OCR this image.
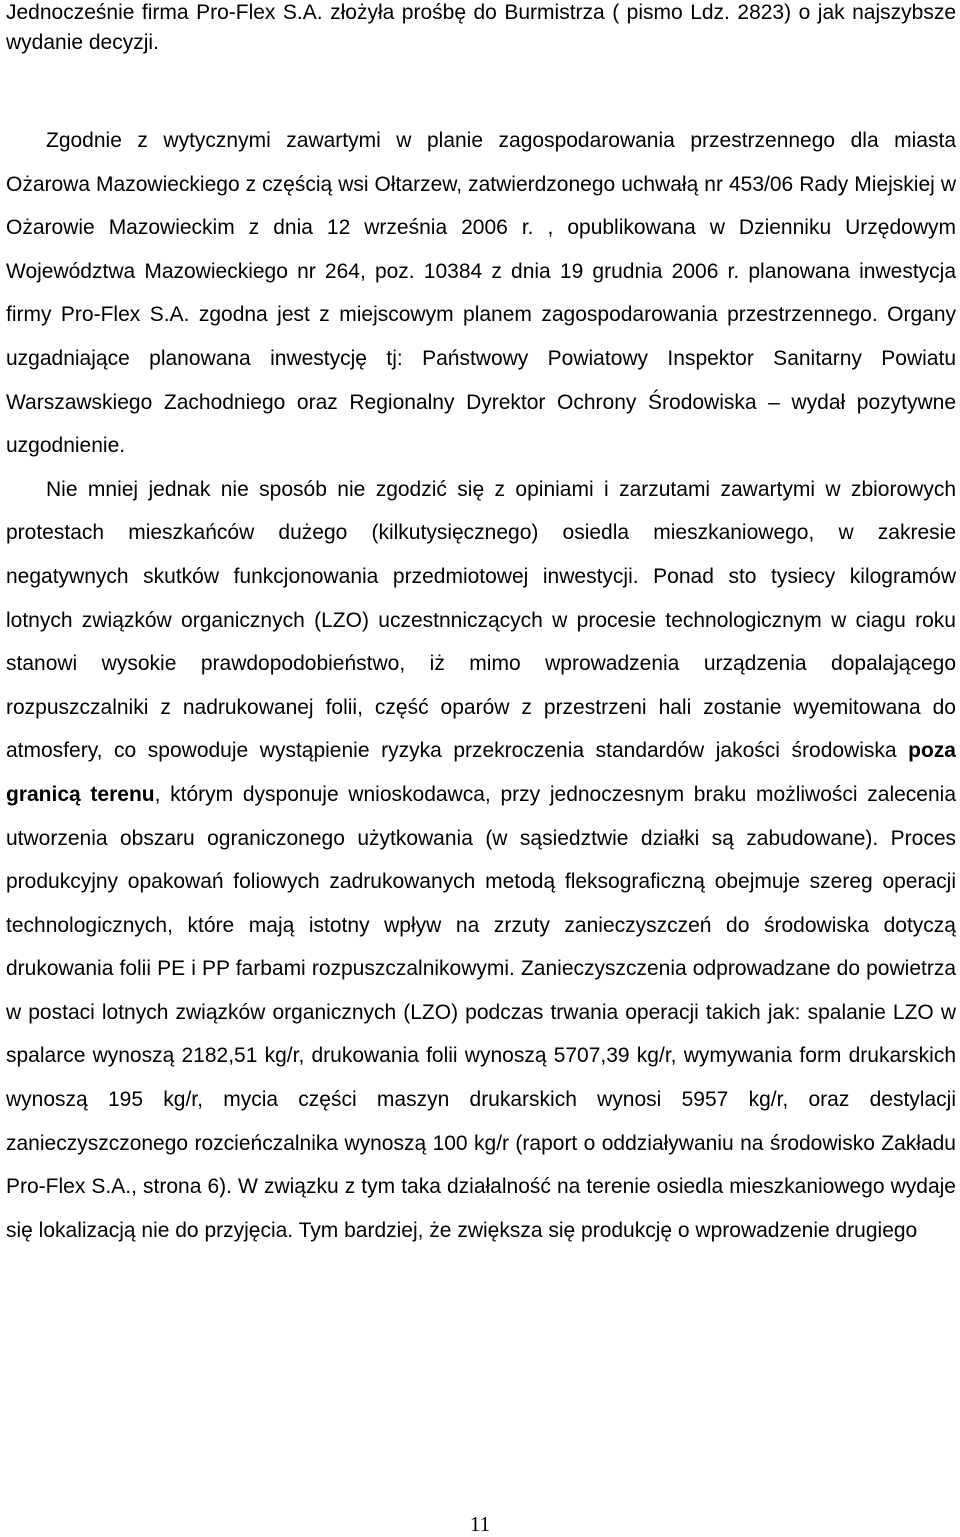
Jednocześnie firma Pro-Flex S.A. złożyła prośbę do Burmistrza ( pismo Ldz. 2823) o jak najszybsze wydanie decyzji.

Zgodnie z wytycznymi zawartymi w planie zagospodarowania przestrzennego dla miasta Ożarowa Mazowieckiego z częścią wsi Ołtarzew, zatwierdzonego uchwałą nr 453/06 Rady Miejskiej w Ożarowie Mazowieckim z dnia 12 września 2006 r. , opublikowana w Dzienniku Urzędowym Województwa Mazowieckiego nr 264, poz. 10384 z dnia 19 grudnia 2006 r. planowana inwestycja firmy Pro-Flex S.A. zgodna jest z miejscowym planem zagospodarowania przestrzennego. Organy uzgadniające planowana inwestycję tj: Państwowy Powiatowy Inspektor Sanitarny Powiatu Warszawskiego Zachodniego oraz Regionalny Dyrektor Ochrony Środowiska – wydał pozytywne uzgodnienie.
Nie mniej jednak nie sposób nie zgodzić się z opiniami i zarzutami zawartymi w zbiorowych protestach mieszkańców dużego (kilkutysięcznego) osiedla mieszkaniowego, w zakresie negatywnych skutków funkcjonowania przedmiotowej inwestycji. Ponad sto tysiecy kilogramów lotnych związków organicznych (LZO) uczestnniczących w procesie technologicznym w ciagu roku stanowi wysokie prawdopodobieństwo, iż mimo wprowadzenia urządzenia dopalającego rozpuszczalniki z nadrukowanej folii, część oparów z przestrzeni hali zostanie wyemitowana do atmosfery, co spowoduje wystąpienie ryzyka przekroczenia standardów jakości środowiska poza granicą terenu, którym dysponuje wnioskodawca, przy jednoczesnym braku możliwości zalecenia utworzenia obszaru ograniczonego użytkowania (w sąsiedztwie działki są zabudowane). Proces produkcyjny opakowań foliowych zadrukowanych metodą fleksograficzną obejmuje szereg operacji technologicznych, które mają istotny wpływ na zrzuty zanieczyszczeń do środowiska dotyczą drukowania folii PE i PP farbami rozpuszczalnikowymi. Zanieczyszczenia odprowadzane do powietrza w postaci lotnych związków organicznych (LZO) podczas trwania operacji takich jak: spalanie LZO w spalarce wynoszą 2182,51 kg/r, drukowania folii wynoszą 5707,39 kg/r, wymywania form drukarskich wynoszą 195 kg/r, mycia części maszyn drukarskich wynosi 5957 kg/r, oraz destylacji zanieczyszczonego rozcieńczalnika wynoszą 100 kg/r (raport o oddziaływaniu na środowisko Zakładu Pro-Flex S.A., strona 6). W związku z tym taka działalność na terenie osiedla mieszkaniowego wydaje się lokalizacją nie do przyjęcia. Tym bardziej, że zwiększa się produkcję o wprowadzenie drugiego

11
